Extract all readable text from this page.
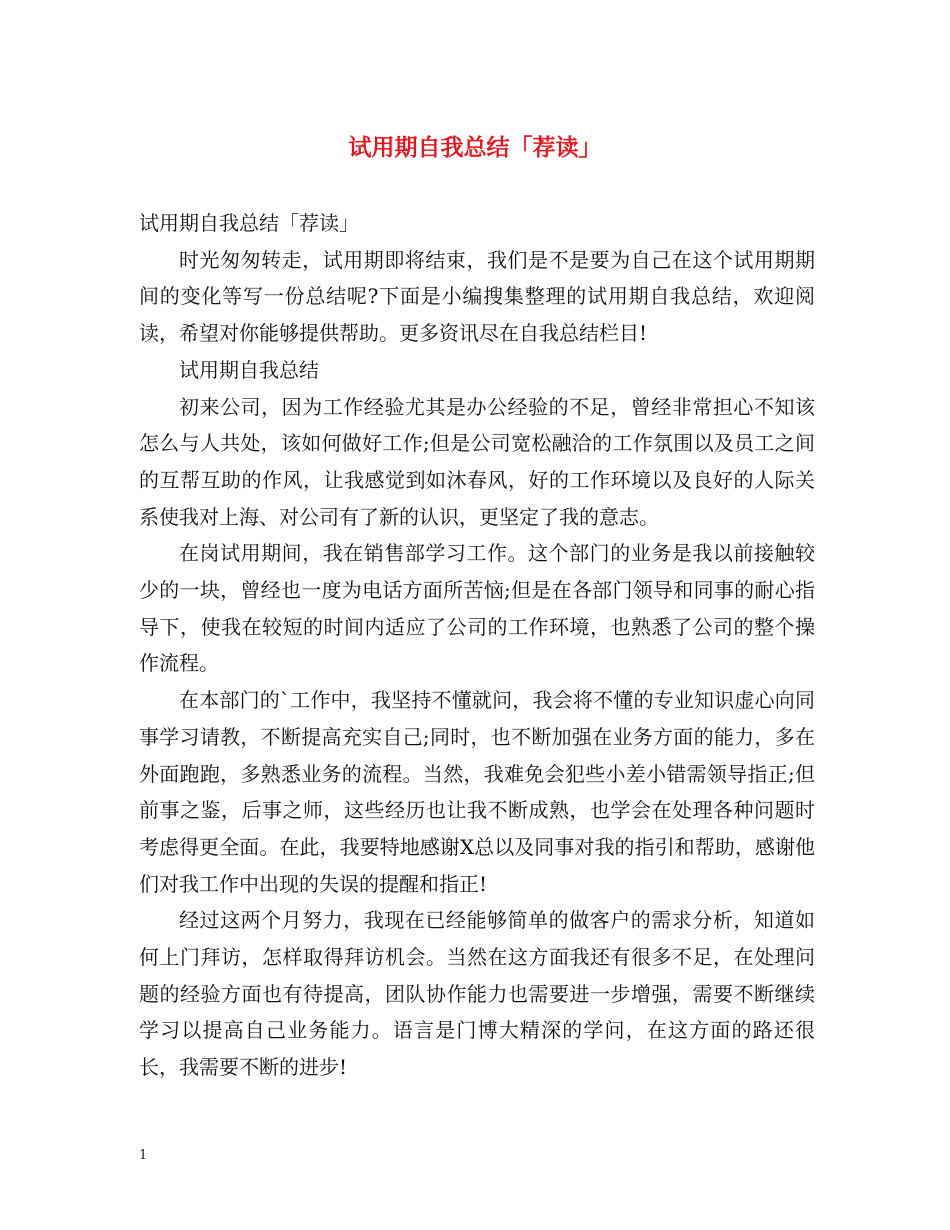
试用期自我总结「荐读」

试用期自我总结「荐读」

时光匆匆转走，试用期即将结束，我们是不是要为自己在这个试用期期间的变化等写一份总结呢?下面是小编搜集整理的试用期自我总结，欢迎阅读，希望对你能够提供帮助。更多资讯尽在自我总结栏目!

试用期自我总结

初来公司，因为工作经验尤其是办公经验的不足，曾经非常担心不知该怎么与人共处，该如何做好工作;但是公司宽松融洽的工作氛围以及员工之间的互帮互助的作风，让我感觉到如沐春风，好的工作环境以及良好的人际关系使我对上海、对公司有了新的认识，更坚定了我的意志。

在岗试用期间，我在销售部学习工作。这个部门的业务是我以前接触较少的一块，曾经也一度为电话方面所苦恼;但是在各部门领导和同事的耐心指导下，使我在较短的时间内适应了公司的工作环境，也熟悉了公司的整个操作流程。

在本部门的`工作中，我坚持不懂就问，我会将不懂的专业知识虚心向同事学习请教，不断提高充实自己;同时，也不断加强在业务方面的能力，多在外面跑跑，多熟悉业务的流程。当然，我难免会犯些小差小错需领导指正;但前事之鉴，后事之师，这些经历也让我不断成熟，也学会在处理各种问题时考虑得更全面。在此，我要特地感谢X总以及同事对我的指引和帮助，感谢他们对我工作中出现的失误的提醒和指正!

经过这两个月努力，我现在已经能够简单的做客户的需求分析，知道如何上门拜访，怎样取得拜访机会。当然在这方面我还有很多不足，在处理问题的经验方面也有待提高，团队协作能力也需要进一步增强，需要不断继续学习以提高自己业务能力。语言是门博大精深的学问，在这方面的路还很长，我需要不断的进步!

1
